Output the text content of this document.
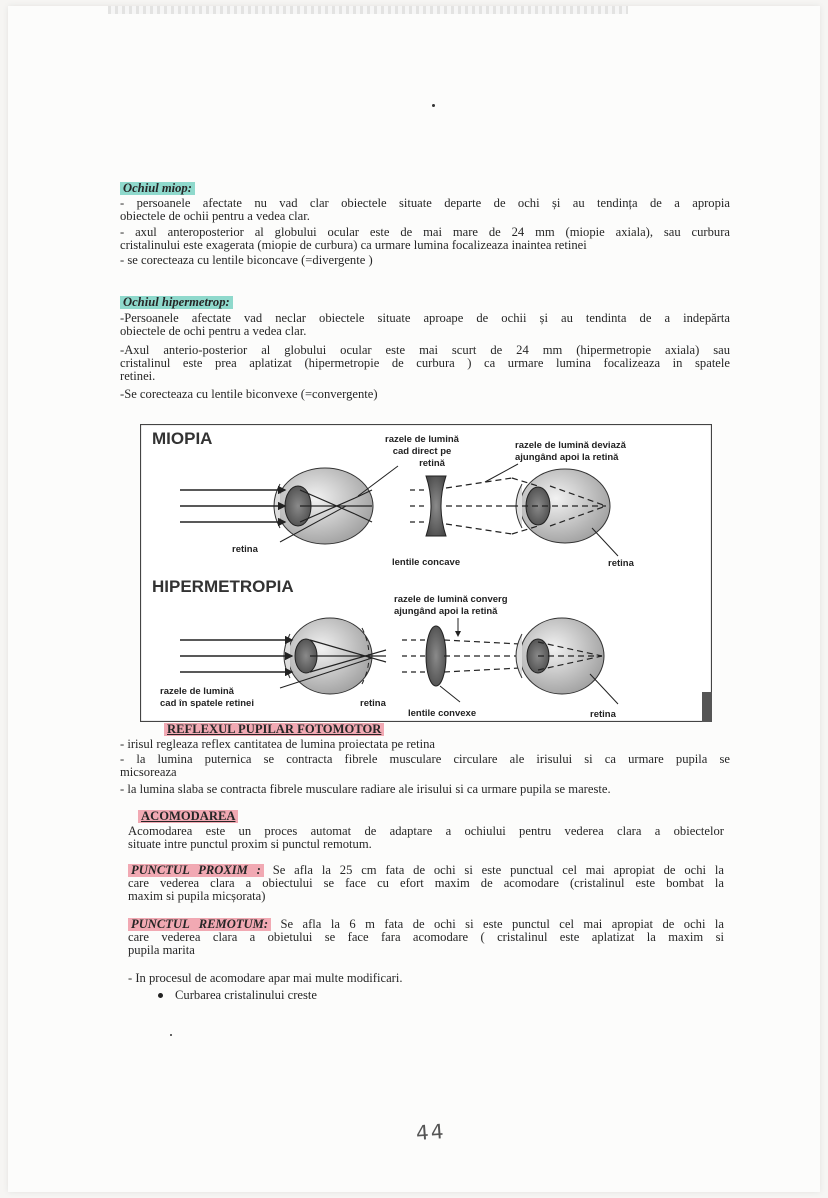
Ochiul miop:
- persoanele afectate nu vad clar obiectele situate departe de ochi și au tendința de a apropia
obiectele de ochii pentru a vedea clar.
- axul anteroposterior al globului ocular este de mai mare de 24 mm (miopie axiala), sau curbura
cristalinului este exagerata (miopie de curbura) ca urmare lumina focalizeaza inaintea retinei
- se corecteaza cu lentile biconcave (=divergente )
Ochiul hipermetrop:
-Persoanele afectate vad neclar obiectele situate aproape de ochii și au tendinta de a indepărta
obiectele de ochi pentru a vedea clar.
-Axul anterio-posterior al globului ocular este mai scurt de 24 mm (hipermetropie axiala) sau
cristalinul este prea aplatizat (hipermetropie de curbura ) ca urmare lumina focalizeaza in spatele
retinei.
-Se corecteaza cu lentile biconvexe (=convergente)
MIOPIA
HIPERMETROPIA
retina
razele de lumină
cad direct pe
retină
razele de lumină deviază
ajungând apoi la retină
lentile concave	retina
razele de lumină
cad în spatele retinei	retina
razele de lumină converg
ajungând apoi la retină
lentile convexe	retina
REFLEXUL PUPILAR FOTOMOTOR
- irisul regleaza reflex cantitatea de lumina proiectata pe retina
- la lumina puternica se contracta fibrele musculare circulare ale irisului si ca urmare pupila se
micsoreaza
- la lumina slaba se contracta fibrele musculare radiare ale irisului si ca urmare pupila se mareste.
ACOMODAREA
Acomodarea este un proces automat de adaptare a ochiului pentru vederea clara a obiectelor
situate intre punctul proxim si punctul remotum.
PUNCTUL PROXIM : Se afla la 25 cm fata de ochi si este punctual cel mai apropiat de ochi la
care vederea clara a obiectului se face cu efort maxim de acomodare (cristalinul este bombat la
maxim si pupila micșorata)
PUNCTUL REMOTUM: Se afla la 6 m fata de ochi si este punctul cel mai apropiat de ochi la
care vederea clara a obietului se face fara acomodare ( cristalinul este aplatizat la maxim si
pupila marita
- In procesul de acomodare apar mai multe modificari.
Curbarea cristalinului creste
44
